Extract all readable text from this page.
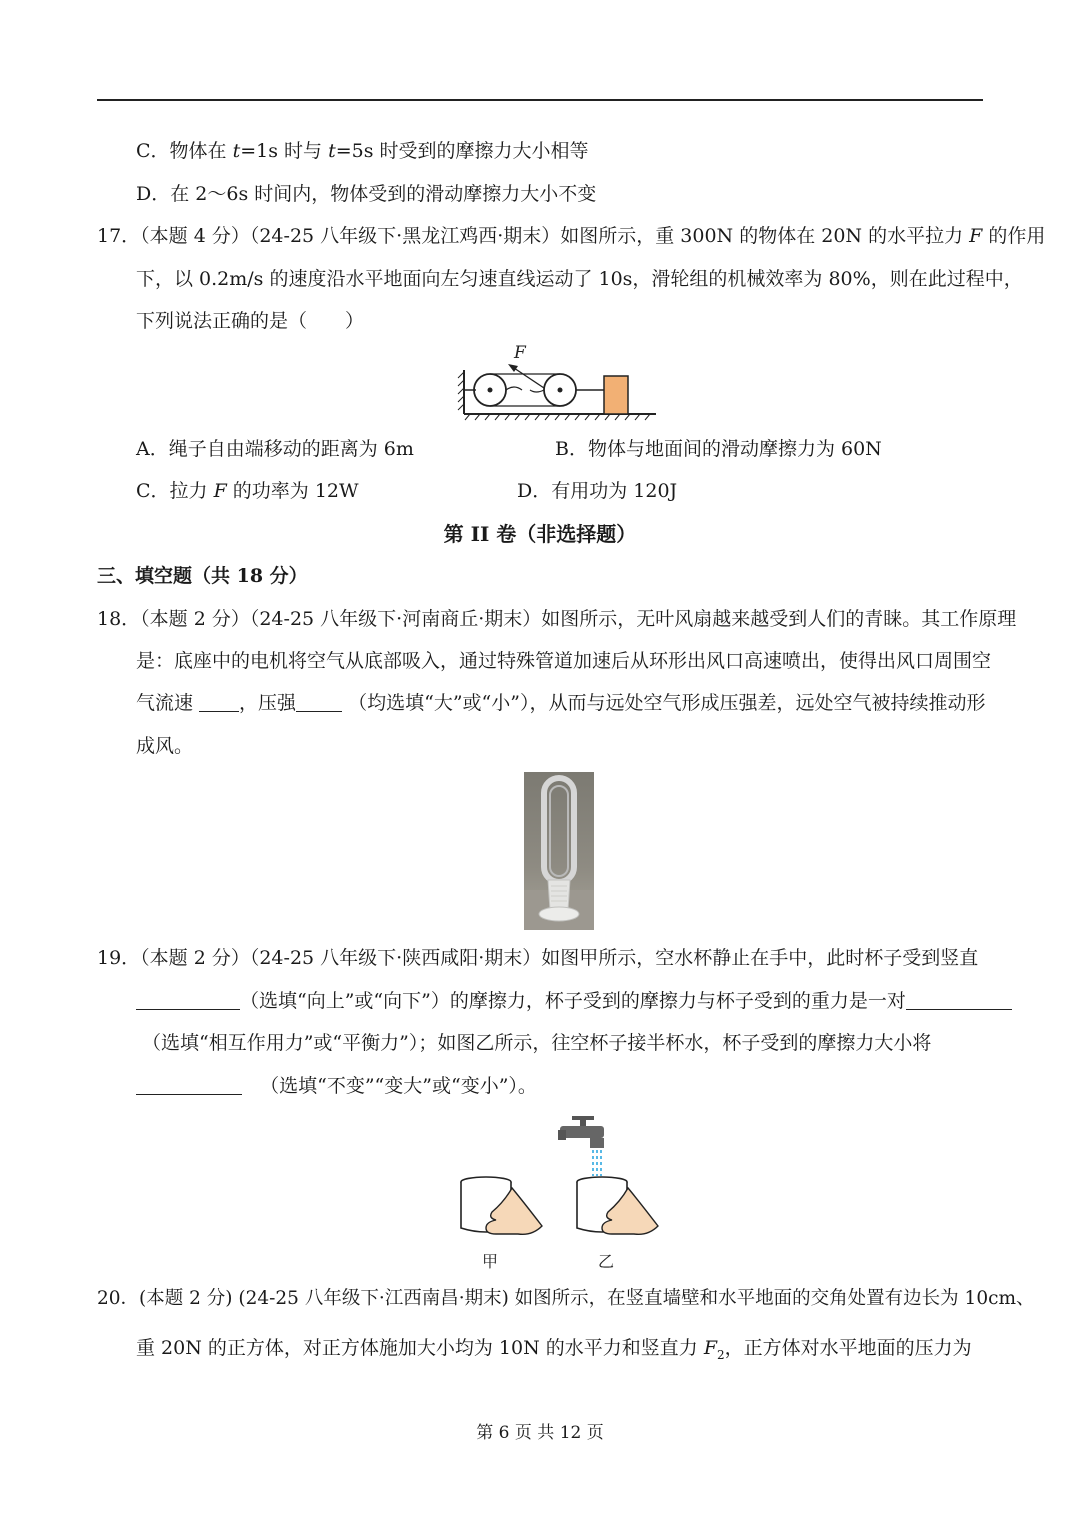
C．物体在 t=1s 时与 t=5s 时受到的摩擦力大小相等
D．在 2～6s 时间内，物体受到的滑动摩擦力大小不变
17．（本题 4 分）（24-25 八年级下·黑龙江鸡西·期末）如图所示，重 300N 的物体在 20N 的水平拉力 F 的作用
下，以 0.2m/s 的速度沿水平地面向左匀速直线运动了 10s，滑轮组的机械效率为 80%，则在此过程中，
下列说法正确的是（　　）
F
A．绳子自由端移动的距离为 6m	B．物体与地面间的滑动摩擦力为 60N
C．拉力 F 的功率为 12W	D．有用功为 120J
第 II 卷（非选择题）
三、填空题（共 18 分）
18．（本题 2 分）（24-25 八年级下·河南商丘·期末）如图所示，无叶风扇越来越受到人们的青睐。其工作原理
是：底座中的电机将空气从底部吸入，通过特殊管道加速后从环形出风口高速喷出，使得出风口周围空
气流速 ，压强 （均选填“大”或“小”），从而与远处空气形成压强差，远处空气被持续推动形
成风。
19．（本题 2 分）（24-25 八年级下·陕西咸阳·期末）如图甲所示，空水杯静止在手中，此时杯子受到竖直
（选填“向上”或“向下”）的摩擦力，杯子受到的摩擦力与杯子受到的重力是一对
（选填“相互作用力”或“平衡力”）；如图乙所示，往空杯子接半杯水，杯子受到的摩擦力大小将
（选填“不变”“变大”或“变小”）。
甲	乙
20．(本题 2 分) (24-25 八年级下·江西南昌·期末) 如图所示，在竖直墙壁和水平地面的交角处置有边长为 10cm、
重 20N 的正方体，对正方体施加大小均为 10N 的水平力和竖直力 $F_2$，正方体对水平地面的压力为
第 6 页 共 12 页
